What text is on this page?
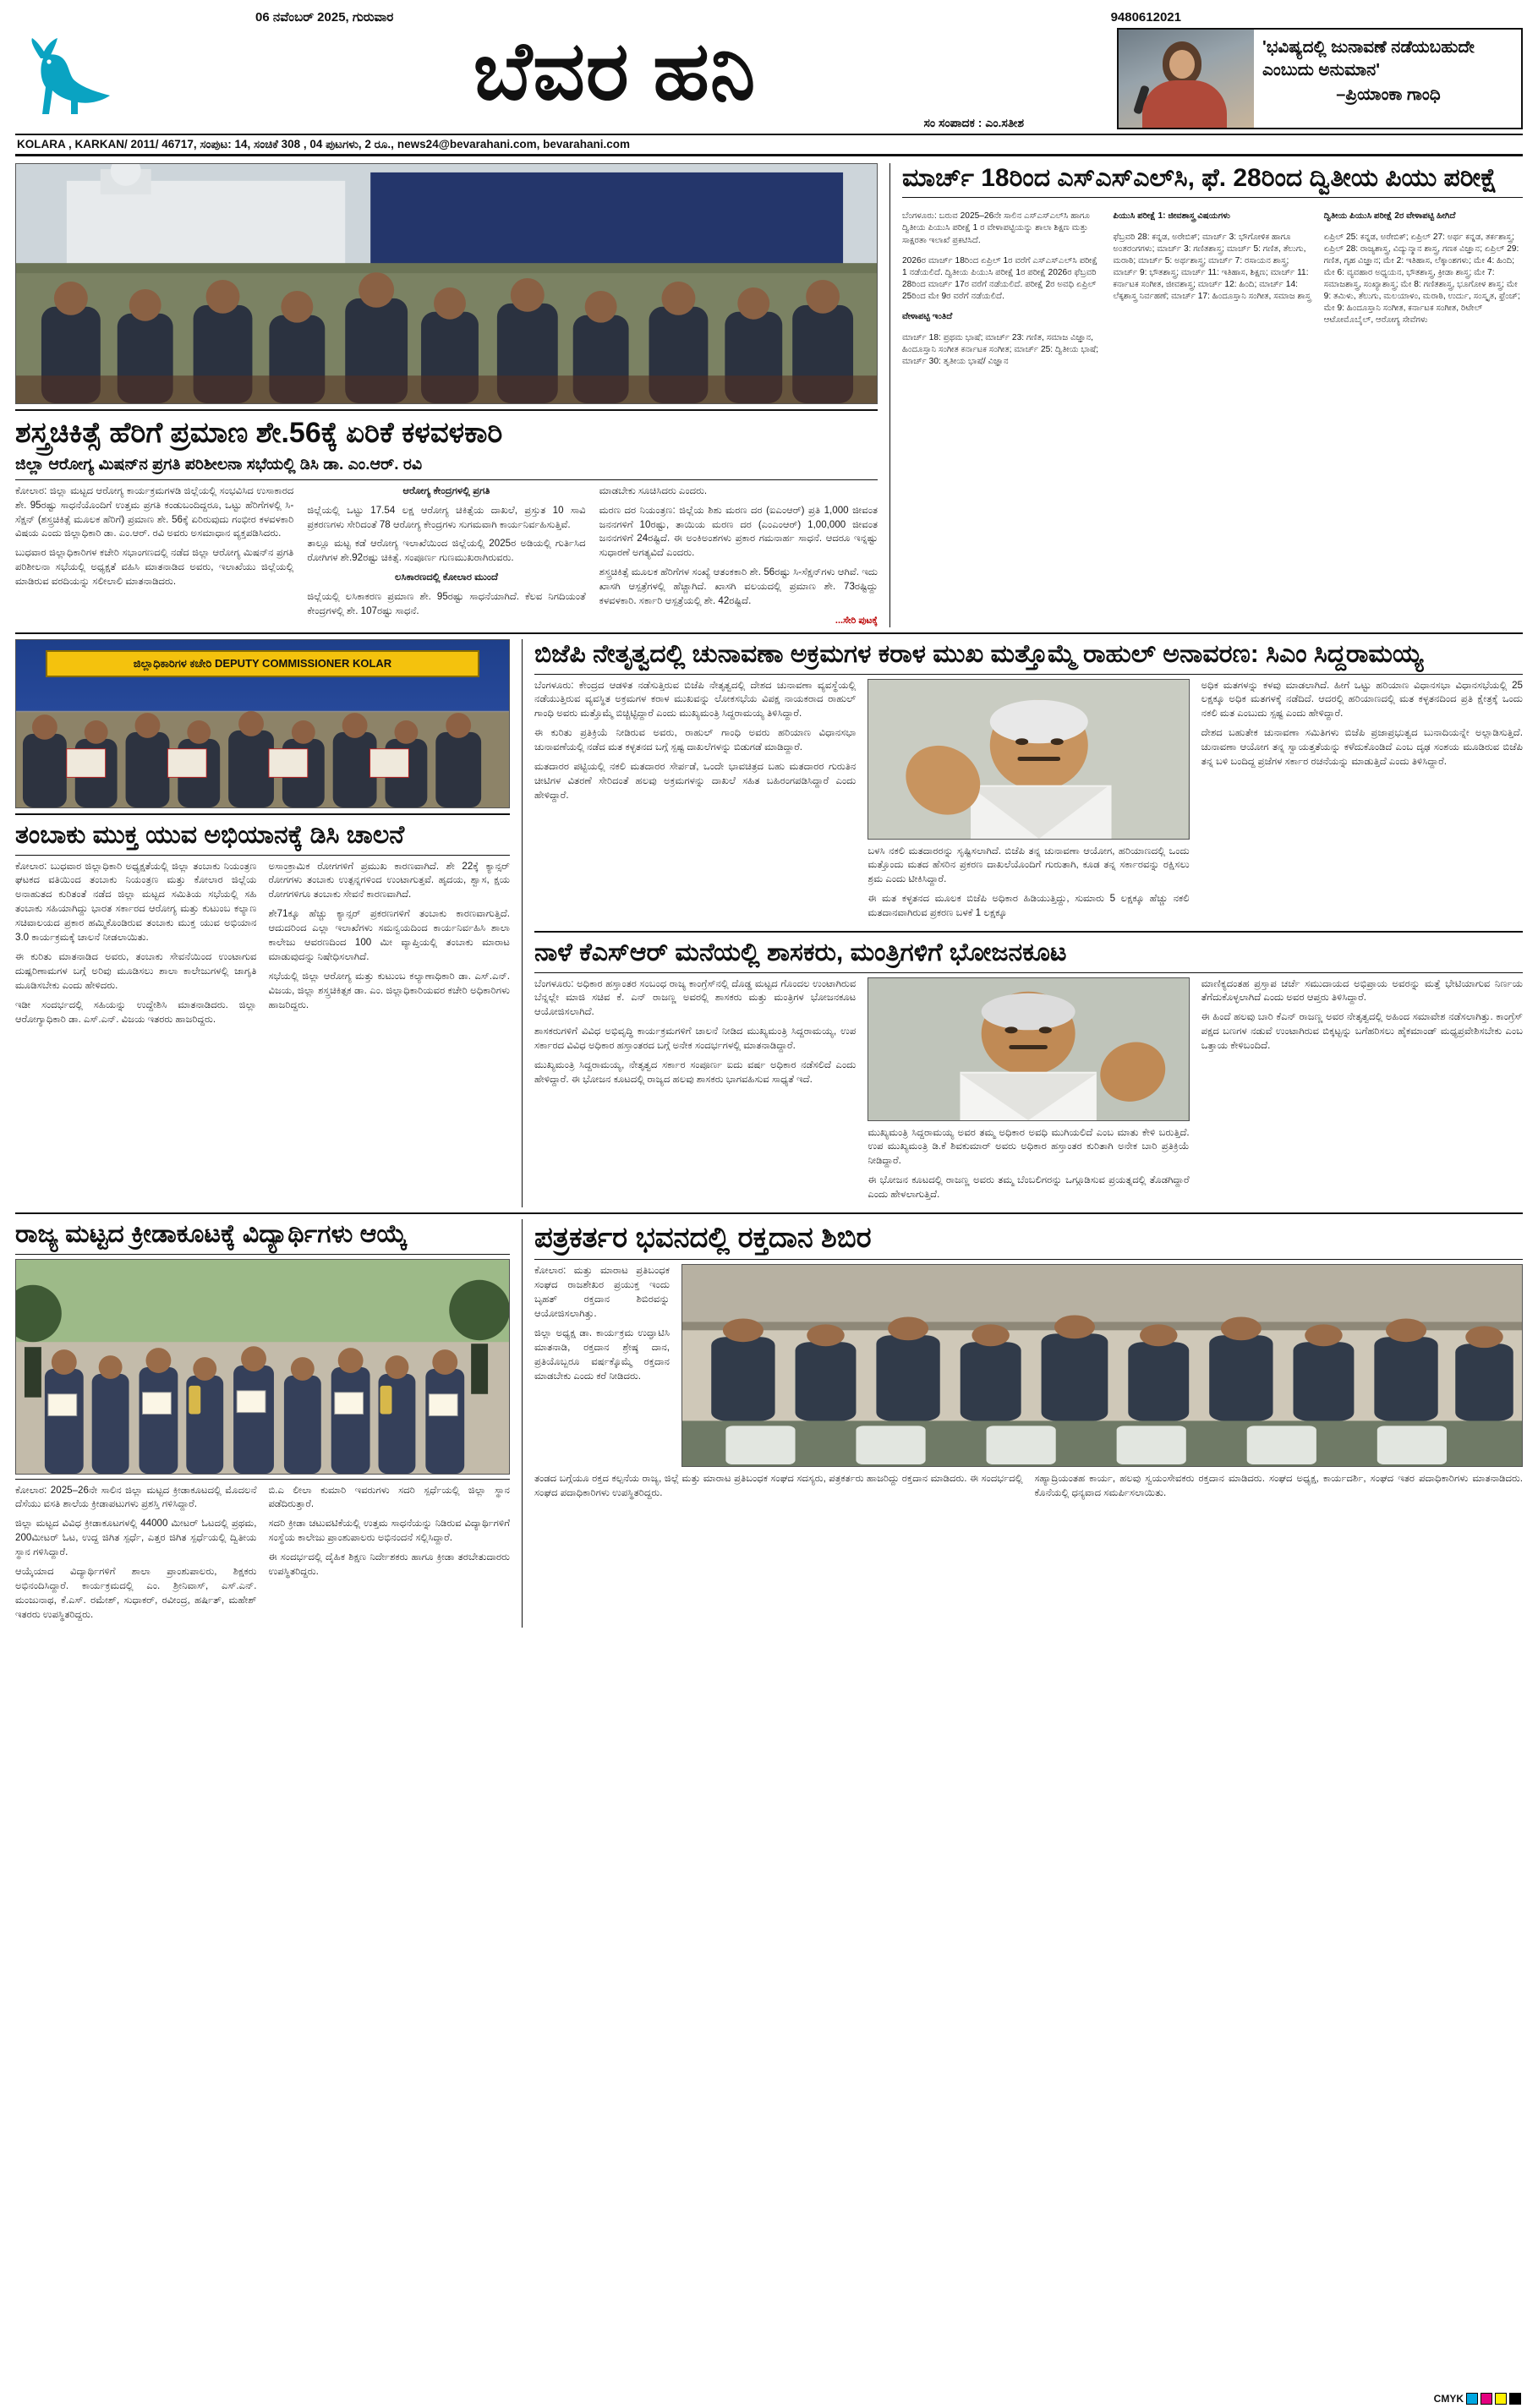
06 ನವೆಂಬರ್ 2025, ಗುರುವಾರ	9480612021
ಬೆವರ ಹನಿ
ಸಂ ಸಂಪಾದಕ : ಎಂ.ಸತೀಶ
'ಭವಿಷ್ಯದಲ್ಲಿ ಜುನಾವಣೆ ನಡೆಯಬಹುದೇ ಎಂಬುದು ಅನುಮಾನ'
–ಪ್ರಿಯಾಂಕಾ ಗಾಂಧಿ
KOLARA , KARKAN/ 2011/ 46717, ಸಂಪುಟ: 14, ಸಂಚಿಕೆ 308 , 04 ಪುಟಗಳು, 2 ರೂ., news24@bevarahani.com, bevarahani.com
ಶಸ್ತ್ರಚಿಕಿತ್ಸೆ ಹೆರಿಗೆ ಪ್ರಮಾಣ ಶೇ.56ಕ್ಕೆ ಏರಿಕೆ ಕಳವಳಕಾರಿ
ಜಿಲ್ಲಾ ಆರೋಗ್ಯ ಮಿಷನ್‌ನ ಪ್ರಗತಿ ಪರಿಶೀಲನಾ ಸಭೆಯಲ್ಲಿ ಡಿಸಿ ಡಾ. ಎಂ.ಆರ್. ರವಿ

ಕೋಲಾರ: ಜಿಲ್ಲಾ ಮಟ್ಟದ ಆರೋಗ್ಯ ಕಾರ್ಯಕ್ರಮಗಳಡಿ ಜಿಲ್ಲೆಯಲ್ಲಿ ಸಂಭವಿಸಿದ ಉಸಾಕಾರದ ಶೇ. 95ರಷ್ಟು ಸಾಧನೆಯೊಂದಿಗೆ ಉತ್ತಮ ಪ್ರಗತಿ ಕಂಡುಬಂದಿದ್ದರೂ, ಒಟ್ಟು ಹೆರಿಗೆಗಳಲ್ಲಿ ಸಿ-ಸೆಕ್ಷನ್ (ಶಸ್ತ್ರಚಿಕಿತ್ಸೆ ಮೂಲಕ ಹೆರಿಗೆ) ಪ್ರಮಾಣ ಶೇ. 56ಕ್ಕೆ ಏರಿರುವುದು ಗಂಭೀರ ಕಳವಳಕಾರಿ ವಿಷಯ ಎಂದು ಜಿಲ್ಲಾಧಿಕಾರಿ ಡಾ. ಎಂ.ಆರ್. ರವಿ ಅವರು ಅಸಮಾಧಾನ ವ್ಯಕ್ತಪಡಿಸಿದರು.

ಬುಧವಾರ ಜಿಲ್ಲಾಧಿಕಾರಿಗಳ ಕಚೇರಿ ಸಭಾಂಗಣದಲ್ಲಿ ನಡೆದ ಜಿಲ್ಲಾ ಆರೋಗ್ಯ ಮಿಷನ್‌ನ ಪ್ರಗತಿ ಪರಿಶೀಲನಾ ಸಭೆಯಲ್ಲಿ ಅಧ್ಯಕ್ಷತೆ ವಹಿಸಿ ಮಾತನಾಡಿದ ಅವರು, ಇಲಾಖೆಯು ಜಿಲ್ಲೆಯಲ್ಲಿ ಮಾಡಿರುವ ವರದಿಯನ್ನು ಸಲೀಲಾಲಿ ಮಾತನಾಡಿದರು.

ಆರೋಗ್ಯ ಕೇಂದ್ರಗಳಲ್ಲಿ ಪ್ರಗತಿ

ಜಿಲ್ಲೆಯಲ್ಲಿ ಒಟ್ಟು 17.54 ಲಕ್ಷ ಆರೋಗ್ಯ ಚಿಕಿತ್ಸೆಯ ದಾಖಲೆ, ಪ್ರಸ್ತುತ 10 ಸಾವಿ ಪ್ರಕರಣಗಳು ಸೇರಿದಂತೆ 78 ಆರೋಗ್ಯ ಕೇಂದ್ರಗಳು ಸುಗಮವಾಗಿ ಕಾರ್ಯನಿರ್ವಹಿಸುತ್ತಿವೆ.

ತಾಲ್ಲೂ ಮಟ್ಟ ಕಡೆ ಆರೋಗ್ಯ ಇಲಾಖೆಯಿಂದ ಜಿಲ್ಲೆಯಲ್ಲಿ 2025ರ ಅಡಿಯಲ್ಲಿ ಗುರ್ತಿಸಿದ ರೋಗಿಗಳ ಶೇ.92ರಷ್ಟು ಚಿಕಿತ್ಸೆ. ಸಂಪೂರ್ಣ ಗುಣಮುಖರಾಗಿರುವರು.

ಲಸಿಕಾರಣದಲ್ಲಿ ಕೋಲಾರ ಮುಂದೆ

ಜಿಲ್ಲೆಯಲ್ಲಿ ಲಸಿಕಾಕರಣ ಪ್ರಮಾಣ ಶೇ. 95ರಷ್ಟು ಸಾಧನೆಯಾಗಿದೆ. ಕೆಲವ ನಿಗದಿಯಂತೆ ಕೇಂದ್ರಗಳಲ್ಲಿ ಶೇ. 107ರಷ್ಟು ಸಾಧನೆ.

ಮಾಡಬೇಕು ಸೂಚಿಸಿದರು ಎಂದರು.

ಮರಣ ದರ ನಿಯಂತ್ರಣ: ಜಿಲ್ಲೆಯ ಶಿಶು ಮರಣ ದರ (ಐಎಂಆರ್) ಪ್ರತಿ 1,000 ಜೀವಂತ ಜನನಗಳಿಗೆ 10ರಷ್ಟು, ತಾಯಿಯ ಮರಣ ದರ (ಎಂಎಂಆರ್) 1,00,000 ಜೀವಂತ ಜನನಗಳಿಗೆ 24ರಷ್ಟಿದೆ. ಈ ಅಂಕಿಅಂಶಗಳು ಪ್ರಕಾರ ಗಮನಾರ್ಹ ಸಾಧನೆ. ಆದರೂ ಇನ್ನಷ್ಟು ಸುಧಾರಣೆ ಅಗತ್ಯವಿದೆ ಎಂದರು.

ಶಸ್ತ್ರಚಿಕಿತ್ಸೆ ಮೂಲಕ ಹೆರಿಗೆಗಳ ಸಂಖ್ಯೆ ಆತಂಕಕಾರಿ ಶೇ. 56ರಷ್ಟು ಸಿ-ಸೆಕ್ಷನ್‌ಗಳು ಆಗಿವೆ. ಇದು ಖಾಸಗಿ ಆಸ್ಪತ್ರೆಗಳಲ್ಲಿ ಹೆಚ್ಚಾಗಿದೆ. ಖಾಸಗಿ ವಲಯದಲ್ಲಿ ಪ್ರಮಾಣ ಶೇ. 73ರಷ್ಟಿದ್ದು ಕಳವಳಕಾರಿ. ಸರ್ಕಾರಿ ಆಸ್ಪತ್ರೆಯಲ್ಲಿ ಶೇ. 42ರಷ್ಟಿದೆ.

...ಸೇರಿ ಪುಟಕ್ಕೆ
ಮಾರ್ಚ್ 18ರಿಂದ ಎಸ್‌ಎಸ್‌ಎಲ್‌ಸಿ, ಫೆ. 28ರಿಂದ ದ್ವಿತೀಯ ಪಿಯು ಪರೀಕ್ಷೆ

ಬೆಂಗಳೂರು: ಬರುವ 2025–26ನೇ ಸಾಲಿನ ಎಸ್‌ಎಸ್‌ಎಲ್‌ಸಿ ಹಾಗೂ ದ್ವಿತೀಯ ಪಿಯುಸಿ ಪರೀಕ್ಷೆ 1 ರ ವೇಳಾಪಟ್ಟಿಯನ್ನು ಶಾಲಾ ಶಿಕ್ಷಣ ಮತ್ತು ಸಾಕ್ಷರತಾ ಇಲಾಖೆ ಪ್ರಕಟಿಸಿದೆ.

2026ರ ಮಾರ್ಚ್ 18ರಿಂದ ಏಪ್ರಿಲ್ 1ರ ವರೆಗೆ ಎಸ್‌ಎಸ್‌ಎಲ್‌ಸಿ ಪರೀಕ್ಷೆ 1 ನಡೆಯಲಿದೆ. ದ್ವಿತೀಯ ಪಿಯುಸಿ ಪರೀಕ್ಷೆ 1ರ ಪರೀಕ್ಷೆ 2026ರ ಫೆಬ್ರವರಿ 28ರಿಂದ ಮಾರ್ಚ್ 17ರ ವರೆಗೆ ನಡೆಯಲಿದೆ. ಪರೀಕ್ಷೆ 2ರ ಅವಧಿ ಏಪ್ರಿಲ್ 25ರಿಂದ ಮೇ 9ರ ವರೆಗೆ ನಡೆಯಲಿದೆ.

ವೇಳಾಪಟ್ಟಿ ಇಂತಿದೆ

ಮಾರ್ಚ್ 18: ಪ್ರಥಮ ಭಾಷೆ; ಮಾರ್ಚ್ 23: ಗಣಿತ, ಸಮಾಜ ವಿಜ್ಞಾನ, ಹಿಂದೂಸ್ತಾನಿ ಸಂಗೀತ ಕರ್ನಾಟಕ ಸಂಗೀತ; ಮಾರ್ಚ್ 25: ದ್ವಿತೀಯ ಭಾಷೆ; ಮಾರ್ಚ್ 30: ತೃತೀಯ ಭಾಷೆ/ ವಿಜ್ಞಾನ

ಪಿಯುಸಿ ಪರೀಕ್ಷೆ 1: ಜೀವಶಾಸ್ತ್ರ ವಿಷಯಗಳು

ಫೆಬ್ರವರಿ 28: ಕನ್ನಡ, ಅರೇಬಿಕ್; ಮಾರ್ಚ್ 3: ಭೌಗೋಳಿಕ ಹಾಗೂ ಅಂತರಂಗಗಳು; ಮಾರ್ಚ್ 3: ಗಣಿತಶಾಸ್ತ್ರ; ಮಾರ್ಚ್ 5: ಗಣಿತ, ತೆಲುಗು, ಮರಾಠಿ; ಮಾರ್ಚ್ 5: ಅರ್ಥಶಾಸ್ತ್ರ; ಮಾರ್ಚ್ 7: ರಸಾಯನ ಶಾಸ್ತ್ರ; ಮಾರ್ಚ್ 9: ಭೌತಶಾಸ್ತ್ರ; ಮಾರ್ಚ್ 11: ಇತಿಹಾಸ, ಶಿಕ್ಷಣ; ಮಾರ್ಚ್ 11: ಕರ್ನಾಟಕ ಸಂಗೀತ, ಜೀವಶಾಸ್ತ್ರ; ಮಾರ್ಚ್ 12: ಹಿಂದಿ; ಮಾರ್ಚ್ 14: ಲೆಕ್ಕಶಾಸ್ತ್ರ ನಿರ್ವಹಣೆ; ಮಾರ್ಚ್ 17: ಹಿಂದೂಸ್ತಾನಿ ಸಂಗೀತ, ಸಮಾಜ ಶಾಸ್ತ್ರ

ದ್ವಿತೀಯ ಪಿಯುಸಿ ಪರೀಕ್ಷೆ 2ರ ವೇಳಾಪಟ್ಟಿ ಹೀಗಿದೆ

ಏಪ್ರಿಲ್ 25: ಕನ್ನಡ, ಅರೇಬಿಕ್; ಏಪ್ರಿಲ್ 27: ಅರ್ಥ ಕನ್ನಡ, ತರ್ಕಶಾಸ್ತ್ರ; ಏಪ್ರಿಲ್ 28: ರಾಜ್ಯಶಾಸ್ತ್ರ, ವಿದ್ಯುನ್ಮಾನ ಶಾಸ್ತ್ರ, ಗಣಕ ವಿಜ್ಞಾನ; ಏಪ್ರಿಲ್ 29: ಗಣಿತ, ಗೃಹ ವಿಜ್ಞಾನ; ಮೇ 2: ಇತಿಹಾಸ, ಲೆಕ್ಕಾಂಶಗಳು; ಮೇ 4: ಹಿಂದಿ; ಮೇ 6: ವ್ಯವಹಾರ ಅಧ್ಯಯನ, ಭೌತಶಾಸ್ತ್ರ, ಕ್ರೀಡಾ ಶಾಸ್ತ್ರ; ಮೇ 7: ಸಮಾಜಶಾಸ್ತ್ರ, ಸಂಖ್ಯಾಶಾಸ್ತ್ರ; ಮೇ 8: ಗಣಿತಶಾಸ್ತ್ರ, ಭೂಗೋಳ ಶಾಸ್ತ್ರ; ಮೇ 9: ತಮಿಳು, ತೆಲುಗು, ಮಲಯಾಳಂ, ಮರಾಠಿ, ಉರ್ದು, ಸಂಸ್ಕೃತ, ಫ್ರೆಂಚ್; ಮೇ 9: ಹಿಂದೂಸ್ತಾನಿ ಸಂಗೀತ, ಕರ್ನಾಟಕ ಸಂಗೀತ, ರಿಟೇಲ್ ಆಟೋಮೊಬೈಲ್, ಆರೋಗ್ಯ ಸೇವೆಗಳು

ಜಿಲ್ಲಾಧಿಕಾರಿಗಳ ಕಚೇರಿ DEPUTY COMMISSIONER KOLAR
ತಂಬಾಕು ಮುಕ್ತ ಯುವ ಅಭಿಯಾನಕ್ಕೆ ಡಿಸಿ ಚಾಲನೆ

ಕೋಲಾರ: ಬುಧವಾರ ಜಿಲ್ಲಾಧಿಕಾರಿ ಅಧ್ಯಕ್ಷತೆಯಲ್ಲಿ ಜಿಲ್ಲಾ ತಂಬಾಕು ನಿಯಂತ್ರಣ ಘಟಕದ ವತಿಯಿಂದ ತಂಬಾಕು ನಿಯಂತ್ರಣ ಮತ್ತು ಕೋಲಾರ ಜಿಲ್ಲೆಯ ಅನಾಹುತದ ಕುರಿತಂತೆ ನಡೆದ ಜಿಲ್ಲಾ ಮಟ್ಟದ ಸಮಿತಿಯ ಸಭೆಯಲ್ಲಿ ಸಹಿ ತಂಬಾಕು ಸಹಿಯಾಗಿದ್ದು ಭಾರತ ಸರ್ಕಾರದ ಆರೋಗ್ಯ ಮತ್ತು ಕುಟುಂಬ ಕಲ್ಯಾಣ ಸಚಿವಾಲಯದ ಪ್ರಕಾರ ಹಮ್ಮಿಕೊಂಡಿರುವ ತಂಬಾಕು ಮುಕ್ತ ಯುವ ಅಭಿಯಾನ 3.0 ಕಾರ್ಯಕ್ರಮಕ್ಕೆ ಚಾಲನೆ ನೀಡಲಾಯಿತು.

ಈ ಕುರಿತು ಮಾತನಾಡಿದ ಅವರು, ತಂಬಾಕು ಸೇವನೆಯಿಂದ ಉಂಟಾಗುವ ದುಷ್ಪರಿಣಾಮಗಳ ಬಗ್ಗೆ ಅರಿವು ಮೂಡಿಸಲು ಶಾಲಾ ಕಾಲೇಜುಗಳಲ್ಲಿ ಜಾಗೃತಿ ಮೂಡಿಸಬೇಕು ಎಂದು ಹೇಳಿದರು.

ಇಡೀ ಸಂದರ್ಭದಲ್ಲಿ ಸಹಿಯನ್ನು ಉದ್ದೇಶಿಸಿ ಮಾತನಾಡಿದರು. ಜಿಲ್ಲಾ ಆರೋಗ್ಯಾಧಿಕಾರಿ ಡಾ. ಎಸ್.ಎನ್. ವಿಜಯ ಇತರರು ಹಾಜರಿದ್ದರು.

ಅಸಾಂಕ್ರಾಮಿಕ ರೋಗಗಳಿಗೆ ಪ್ರಮುಖ ಕಾರಣವಾಗಿದೆ. ಶೇ 22ಕ್ಕೆ ಕ್ಯಾನ್ಸರ್ ರೋಗಗಳು ತಂಬಾಕು ಉತ್ಪನ್ನಗಳಿಂದ ಉಂಟಾಗುತ್ತವೆ. ಹೃದಯ, ಶ್ವಾಸ, ಕ್ಷಯ ರೋಗಗಳಿಗೂ ತಂಬಾಕು ಸೇವನೆ ಕಾರಣವಾಗಿದೆ.

ಶೇ71ಕ್ಕೂ ಹೆಚ್ಚು ಕ್ಯಾನ್ಸರ್ ಪ್ರಕರಣಗಳಿಗೆ ತಂಬಾಕು ಕಾರಣವಾಗುತ್ತಿದೆ. ಆದುದರಿಂದ ಎಲ್ಲಾ ಇಲಾಖೆಗಳು ಸಮನ್ವಯದಿಂದ ಕಾರ್ಯನಿರ್ವಹಿಸಿ ಶಾಲಾ ಕಾಲೇಜು ಆವರಣದಿಂದ 100 ಮೀ ವ್ಯಾಪ್ತಿಯಲ್ಲಿ ತಂಬಾಕು ಮಾರಾಟ ಮಾಡುವುದನ್ನು ನಿಷೇಧಿಸಲಾಗಿದೆ.

ಸಭೆಯಲ್ಲಿ ಜಿಲ್ಲಾ ಆರೋಗ್ಯ ಮತ್ತು ಕುಟುಂಬ ಕಲ್ಯಾಣಾಧಿಕಾರಿ ಡಾ. ಎಸ್.ಎನ್. ವಿಜಯ, ಜಿಲ್ಲಾ ಶಸ್ತ್ರಚಿಕಿತ್ಸಕ ಡಾ. ಎಂ. ಜಿಲ್ಲಾಧಿಕಾರಿಯವರ ಕಚೇರಿ ಅಧಿಕಾರಿಗಳು ಹಾಜರಿದ್ದರು.

ಬಿಜೆಪಿ ನೇತೃತ್ವದಲ್ಲಿ ಚುನಾವಣಾ ಅಕ್ರಮಗಳ ಕರಾಳ ಮುಖ ಮತ್ತೊಮ್ಮೆ ರಾಹುಲ್ ಅನಾವರಣ: ಸಿಎಂ ಸಿದ್ದರಾಮಯ್ಯ

ಬೆಂಗಳೂರು: ಕೇಂದ್ರದ ಆಡಳಿತ ನಡೆಸುತ್ತಿರುವ ಬಿಜೆಪಿ ನೇತೃತ್ವದಲ್ಲಿ ದೇಶದ ಚುನಾವಣಾ ವ್ಯವಸ್ಥೆಯಲ್ಲಿ ನಡೆಯುತ್ತಿರುವ ವ್ಯವಸ್ಥಿತ ಅಕ್ರಮಗಳ ಕರಾಳ ಮುಖವನ್ನು ಲೋಕಸಭೆಯ ವಿಪಕ್ಷ ನಾಯಕರಾದ ರಾಹುಲ್ ಗಾಂಧಿ ಅವರು ಮತ್ತೊಮ್ಮೆ ಬಿಚ್ಚಿಟ್ಟಿದ್ದಾರೆ ಎಂದು ಮುಖ್ಯಮಂತ್ರಿ ಸಿದ್ದರಾಮಯ್ಯ ತಿಳಿಸಿದ್ದಾರೆ.

ಈ ಕುರಿತು ಪ್ರತಿಕ್ರಿಯೆ ನೀಡಿರುವ ಅವರು, ರಾಹುಲ್ ಗಾಂಧಿ ಅವರು ಹರಿಯಾಣ ವಿಧಾನಸಭಾ ಚುನಾವಣೆಯಲ್ಲಿ ನಡೆದ ಮತ ಕಳ್ಳತನದ ಬಗ್ಗೆ ಸ್ಪಷ್ಟ ದಾಖಲೆಗಳನ್ನು ಬಿಡುಗಡೆ ಮಾಡಿದ್ದಾರೆ.

ಮತದಾರರ ಪಟ್ಟಿಯಲ್ಲಿ ನಕಲಿ ಮತದಾರರ ಸೇರ್ಪಡೆ, ಒಂದೇ ಭಾವಚಿತ್ರದ ಬಹು ಮತದಾರರ ಗುರುತಿನ ಚೀಟಿಗಳ ವಿತರಣೆ ಸೇರಿದಂತೆ ಹಲವು ಅಕ್ರಮಗಳನ್ನು ದಾಖಲೆ ಸಹಿತ ಬಹಿರಂಗಪಡಿಸಿದ್ದಾರೆ ಎಂದು ಹೇಳಿದ್ದಾರೆ.

ಬಳಸಿ ನಕಲಿ ಮತದಾರರನ್ನು ಸೃಷ್ಟಿಸಲಾಗಿದೆ. ಬಿಜೆಪಿ ತನ್ನ ಚುನಾವಣಾ ಆಯೋಗ, ಹರಿಯಾಣದಲ್ಲಿ ಒಂದು ಮತ್ತೊಂದು ಮತದ ಹೆಸರಿನ ಪ್ರಕರಣ ದಾಖಲೆಯೊಂದಿಗೆ ಗುರುತಾಗಿ, ಕೂಡ ತನ್ನ ಸರ್ಕಾರವನ್ನು ರಕ್ಷಿಸಲು ಶ್ರಮ ಎಂದು ಟೀಕಿಸಿದ್ದಾರೆ.

ಈ ಮತ ಕಳ್ಳತನದ ಮೂಲಕ ಬಿಜೆಪಿ ಅಧಿಕಾರ ಹಿಡಿಯುತ್ತಿದ್ದು, ಸುಮಾರು 5 ಲಕ್ಷಕ್ಕೂ ಹೆಚ್ಚು ನಕಲಿ ಮತದಾನವಾಗಿರುವ ಪ್ರಕರಣ ಬಳಕೆ 1 ಲಕ್ಷಕ್ಕೂ

ಅಧಿಕ ಮತಗಳನ್ನು ಕಳವು ಮಾಡಲಾಗಿದೆ. ಹೀಗೆ ಒಟ್ಟು ಹರಿಯಾಣ ವಿಧಾನಸಭಾ ವಿಧಾನಸಭೆಯಲ್ಲಿ 25 ಲಕ್ಷಕ್ಕೂ ಅಧಿಕ ಮತಗಳಕ್ಕೆ ನಡೆದಿದೆ. ಆದರಲ್ಲಿ ಹರಿಯಾಣದಲ್ಲಿ ಮತ ಕಳ್ಳತನದಿಂದ ಪ್ರತಿ ಕ್ಷೇತ್ರಕ್ಕೆ ಒಂದು ನಕಲಿ ಮತ ಎಂಬುದು ಸ್ಪಷ್ಟ ಎಂದು ಹೇಳಿದ್ದಾರೆ.

ದೇಶದ ಬಹುತೇಕ ಚುನಾವಣಾ ಸಮಿತಿಗಳು ಬಿಜೆಪಿ ಪ್ರಜಾಪ್ರಭುತ್ವದ ಬುನಾದಿಯನ್ನೇ ಅಲ್ಲಾಡಿಸುತ್ತಿದೆ. ಚುನಾವಣಾ ಆಯೋಗ ತನ್ನ ಸ್ವಾಯತ್ತತೆಯನ್ನು ಕಳೆದುಕೊಂಡಿದೆ ಎಂಬ ದೃಢ ಸಂಶಯ ಮೂಡಿರುವ ಬಿಜೆಪಿ ತನ್ನ ಬಳಿ ಬಂದಿದ್ದ ಪ್ರಜೆಗಳ ಸರ್ಕಾರ ರಚನೆಯನ್ನು ಮಾಡುತ್ತಿದೆ ಎಂದು ತಿಳಿಸಿದ್ದಾರೆ.

ನಾಳೆ ಕೆಎಸ್‌ಆರ್ ಮನೆಯಲ್ಲಿ ಶಾಸಕರು, ಮಂತ್ರಿಗಳಿಗೆ ಭೋಜನಕೂಟ

ಬೆಂಗಳೂರು: ಅಧಿಕಾರ ಹಸ್ತಾಂತರ ಸಂಬಂಧ ರಾಜ್ಯ ಕಾಂಗ್ರೆಸ್‌ನಲ್ಲಿ ದೊಡ್ಡ ಮಟ್ಟದ ಗೊಂದಲ ಉಂಟಾಗಿರುವ ಬೆನ್ನಲ್ಲೇ ಮಾಜಿ ಸಚಿವ ಕೆ. ಎನ್ ರಾಜಣ್ಣ ಅವರಲ್ಲಿ ಶಾಸಕರು ಮತ್ತು ಮಂತ್ರಿಗಳ ಭೋಜನಕೂಟ ಆಯೋಜಿಸಲಾಗಿದೆ.

ಶಾಸಕರುಗಳಿಗೆ ವಿವಿಧ ಅಭಿವೃದ್ಧಿ ಕಾರ್ಯಕ್ರಮಗಳಿಗೆ ಚಾಲನೆ ನೀಡಿದ ಮುಖ್ಯಮಂತ್ರಿ ಸಿದ್ದರಾಮಯ್ಯ, ಉಪ ಸರ್ಕಾರದ ವಿವಿಧ ಅಧಿಕಾರ ಹಸ್ತಾಂತರದ ಬಗ್ಗೆ ಅನೇಕ ಸಂದರ್ಭಗಳಲ್ಲಿ ಮಾತನಾಡಿದ್ದಾರೆ.

ಮುಖ್ಯಮಂತ್ರಿ ಸಿದ್ದರಾಮಯ್ಯ, ನೇತೃತ್ವದ ಸರ್ಕಾರ ಸಂಪೂರ್ಣ ಐದು ವರ್ಷ ಅಧಿಕಾರ ನಡೆಸಲಿದೆ ಎಂದು ಹೇಳಿದ್ದಾರೆ. ಈ ಭೋಜನ ಕೂಟದಲ್ಲಿ ರಾಜ್ಯದ ಹಲವು ಶಾಸಕರು ಭಾಗವಹಿಸುವ ಸಾಧ್ಯತೆ ಇದೆ.

ಮುಖ್ಯಮಂತ್ರಿ ಸಿದ್ದರಾಮಯ್ಯ ಅವರ ತಮ್ಮ ಅಧಿಕಾರ ಅವಧಿ ಮುಗಿಯಲಿದೆ ಎಂಬ ಮಾತು ಕೇಳಿ ಬರುತ್ತಿದೆ. ಉಪ ಮುಖ್ಯಮಂತ್ರಿ ಡಿ.ಕೆ ಶಿವಕುಮಾರ್ ಅವರು ಅಧಿಕಾರ ಹಸ್ತಾಂತರ ಕುರಿತಾಗಿ ಅನೇಕ ಬಾರಿ ಪ್ರತಿಕ್ರಿಯೆ ನೀಡಿದ್ದಾರೆ.

ಈ ಭೋಜನ ಕೂಟದಲ್ಲಿ ರಾಜಣ್ಣ ಅವರು ತಮ್ಮ ಬೆಂಬಲಿಗರನ್ನು ಒಗ್ಗೂಡಿಸುವ ಪ್ರಯತ್ನದಲ್ಲಿ ತೊಡಗಿದ್ದಾರೆ ಎಂದು ಹೇಳಲಾಗುತ್ತಿದೆ.

ಮಾಣಿಕ್ಯದಂತಹ ಪ್ರಸ್ತಾಪ ಚರ್ಚೆ ಸಮುದಾಯದ ಅಭಿಪ್ರಾಯ ಅವರನ್ನು ಮತ್ತೆ ಭೇಟಿಯಾಗುವ ನಿರ್ಣಯ ತೆಗೆದುಕೊಳ್ಳಲಾಗಿದೆ ಎಂದು ಅವರ ಆಪ್ತರು ತಿಳಿಸಿದ್ದಾರೆ.

ಈ ಹಿಂದೆ ಹಲವು ಬಾರಿ ಕೆಎನ್ ರಾಜಣ್ಣ ಅವರ ನೇತೃತ್ವದಲ್ಲಿ ಅಹಿಂದ ಸಮಾವೇಶ ನಡೆಸಲಾಗಿತ್ತು. ಕಾಂಗ್ರೆಸ್ ಪಕ್ಷದ ಬಣಗಳ ನಡುವೆ ಉಂಟಾಗಿರುವ ಬಿಕ್ಕಟ್ಟನ್ನು ಬಗೆಹರಿಸಲು ಹೈಕಮಾಂಡ್ ಮಧ್ಯಪ್ರವೇಶಿಸಬೇಕು ಎಂಬ ಒತ್ತಾಯ ಕೇಳಿಬಂದಿದೆ.

ರಾಜ್ಯ ಮಟ್ಟದ ಕ್ರೀಡಾಕೂಟಕ್ಕೆ ವಿದ್ಯಾರ್ಥಿಗಳು ಆಯ್ಕೆ

ಕೋಲಾರ: 2025–26ನೇ ಸಾಲಿನ ಜಿಲ್ಲಾ ಮಟ್ಟದ ಕ್ರೀಡಾಕೂಟದಲ್ಲಿ ಮೊದಲನೆ ದೆಸೆಯು ವಸತಿ ಶಾಲೆಯ ಕ್ರೀಡಾಪಟುಗಳು ಪ್ರಶಸ್ತಿ ಗಳಿಸಿದ್ದಾರೆ.

ಜಿಲ್ಲಾ ಮಟ್ಟದ ವಿವಿಧ ಕ್ರೀಡಾಕೂಟಗಳಲ್ಲಿ 44000 ಮೀಟರ್ ಓಟದಲ್ಲಿ ಪ್ರಥಮ, 200ಮೀಟರ್ ಓಟ, ಉದ್ದ ಜಿಗಿತ ಸ್ಪರ್ಧೆ, ಎತ್ತರ ಜಿಗಿತ ಸ್ಪರ್ಧೆಯಲ್ಲಿ ದ್ವಿತೀಯ ಸ್ಥಾನ ಗಳಿಸಿದ್ದಾರೆ.

ಆಯ್ಕೆಯಾದ ವಿದ್ಯಾರ್ಥಿಗಳಿಗೆ ಶಾಲಾ ಪ್ರಾಂಶುಪಾಲರು, ಶಿಕ್ಷಕರು ಅಭಿನಂದಿಸಿದ್ದಾರೆ. ಕಾರ್ಯಕ್ರಮದಲ್ಲಿ ಎಂ. ಶ್ರೀನಿವಾಸ್, ಎಸ್.ಎನ್. ಮಂಜುನಾಥ, ಕೆ.ಎಸ್. ರಮೇಶ್, ಸುಧಾಕರ್, ರವೀಂದ್ರ, ಹರ್ಷಿತ್, ಮಹೇಶ್ ಇತರರು ಉಪಸ್ಥಿತರಿದ್ದರು.

ಬಿ.ಎ ಲೀಲಾ ಕುಮಾರಿ ಇವರುಗಳು ಸದರಿ ಸ್ಪರ್ಧೆಯಲ್ಲಿ ಜಿಲ್ಲಾ ಸ್ಥಾನ ಪಡೆದಿರುತ್ತಾರೆ.

ಸದರಿ ಕ್ರೀಡಾ ಚಟುವಟಿಕೆಯಲ್ಲಿ ಉತ್ತಮ ಸಾಧನೆಯನ್ನು ನಿಡಿರುವ ವಿದ್ಯಾರ್ಥಿಗಳಿಗೆ ಸಂಸ್ಥೆಯ ಕಾಲೇಜು ಪ್ರಾಂಶುಪಾಲರು ಅಭಿನಂದನೆ ಸಲ್ಲಿಸಿದ್ದಾರೆ.

ಈ ಸಂದರ್ಭದಲ್ಲಿ ದೈಹಿಕ ಶಿಕ್ಷಣ ನಿರ್ದೇಶಕರು ಹಾಗೂ ಕ್ರೀಡಾ ತರಬೇತುದಾರರು ಉಪಸ್ಥಿತರಿದ್ದರು.

ಪತ್ರಕರ್ತರ ಭವನದಲ್ಲಿ ರಕ್ತದಾನ ಶಿಬಿರ

ಕೋಲಾರ: ಮತ್ತು ಮಾರಾಟ ಪ್ರತಿಬಂಧಕ ಸಂಘದ ರಾಜಶೇಖರ ಪ್ರಯುಕ್ತ ಇಂದು ಬೃಹತ್ ರಕ್ತದಾನ ಶಿಬಿರವನ್ನು ಆಯೋಜಿಸಲಾಗಿತ್ತು.

ಜಿಲ್ಲಾ ಅಧ್ಯಕ್ಷ ಡಾ. ಕಾರ್ಯಕ್ರಮ ಉದ್ಘಾಟಿಸಿ ಮಾತನಾಡಿ, ರಕ್ತದಾನ ಶ್ರೇಷ್ಠ ದಾನ, ಪ್ರತಿಯೊಬ್ಬರೂ ವರ್ಷಕ್ಕೊಮ್ಮೆ ರಕ್ತದಾನ ಮಾಡಬೇಕು ಎಂದು ಕರೆ ನೀಡಿದರು.

ತಂಡದ ಬಗ್ಗೆಯೂ ರಕ್ತದ ಕಲ್ಪನೆಯ ರಾಜ್ಯ, ಜಿಲ್ಲೆ ಮತ್ತು ಮಾರಾಟ ಪ್ರತಿಬಂಧಕ ಸಂಘದ ಸದಸ್ಯರು, ಪತ್ರಕರ್ತರು ಹಾಜರಿದ್ದು ರಕ್ತದಾನ ಮಾಡಿದರು. ಈ ಸಂದರ್ಭದಲ್ಲಿ ಸಂಘದ ಪದಾಧಿಕಾರಿಗಳು ಉಪಸ್ಥಿತರಿದ್ದರು.

ಸಹ್ಯಾದ್ರಿಯಂತಹ ಕಾರ್ಯ, ಹಲವು ಸ್ವಯಂಸೇವಕರು ರಕ್ತದಾನ ಮಾಡಿದರು. ಸಂಘದ ಅಧ್ಯಕ್ಷ, ಕಾರ್ಯದರ್ಶಿ, ಸಂಘದ ಇತರ ಪದಾಧಿಕಾರಿಗಳು ಮಾತನಾಡಿದರು. ಕೊನೆಯಲ್ಲಿ ಧನ್ಯವಾದ ಸಮರ್ಪಿಸಲಾಯಿತು.

CMYK
